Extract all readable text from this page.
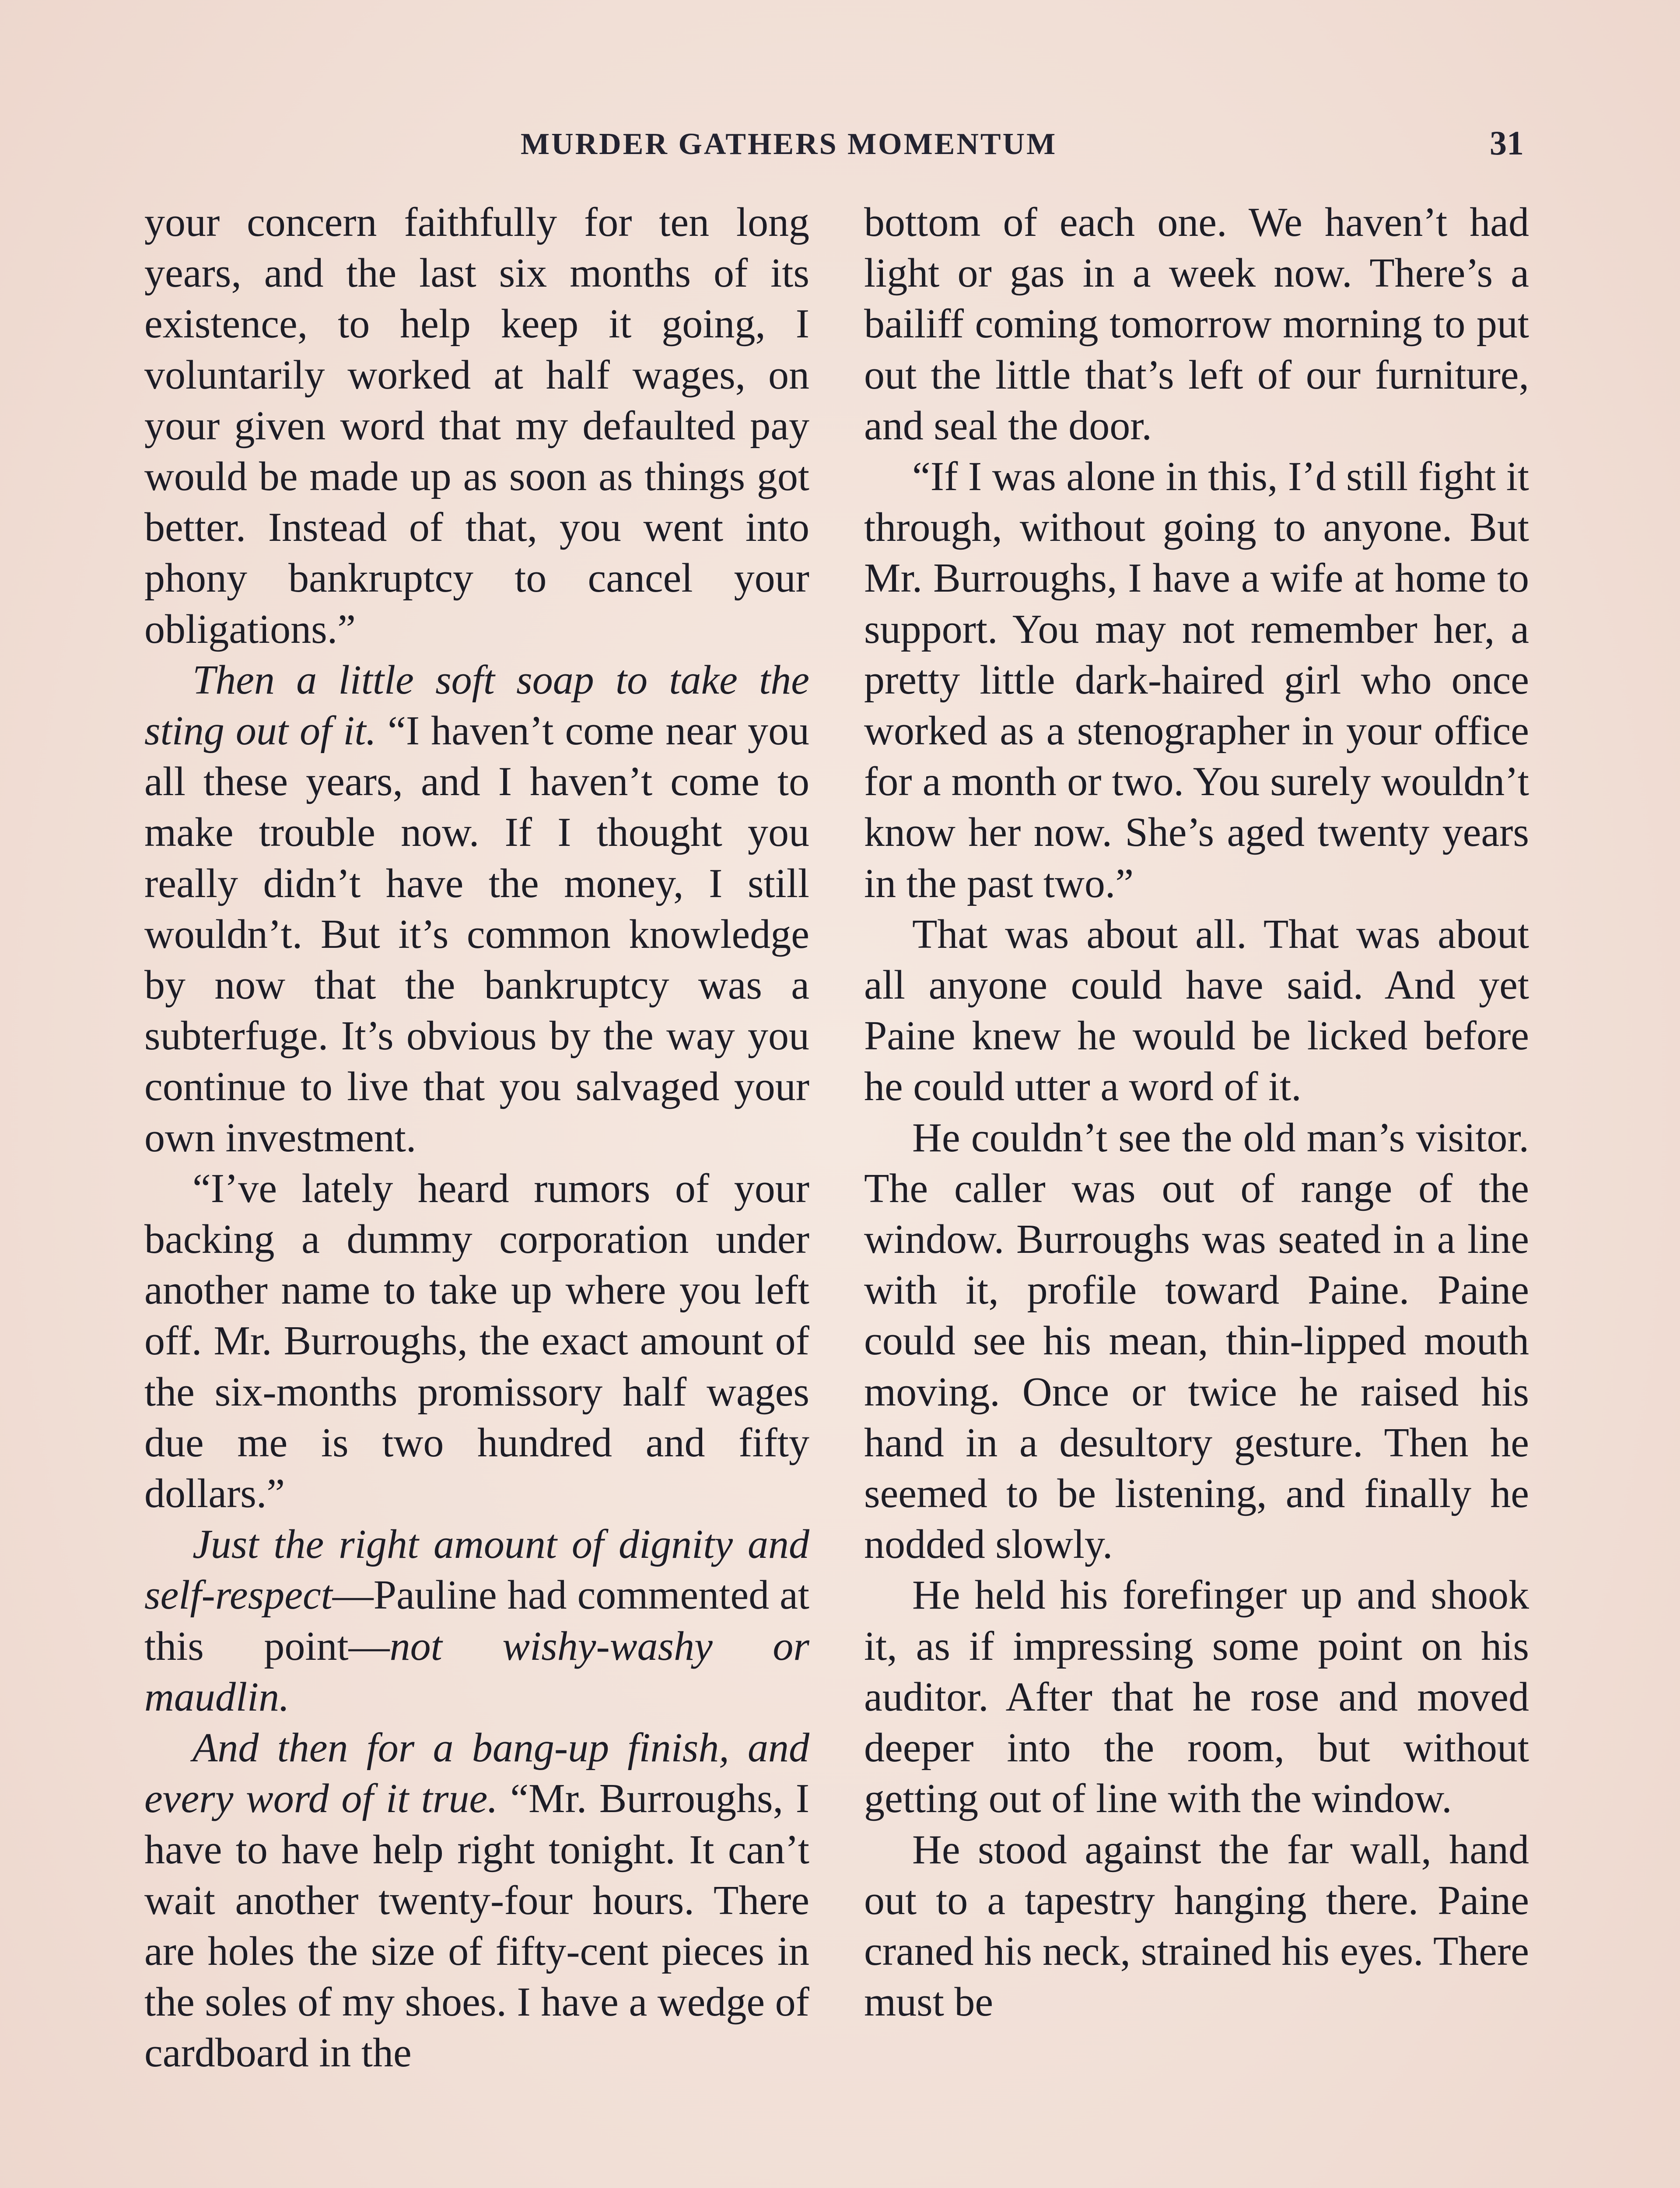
MURDER GATHERS MOMENTUM	31

your concern faithfully for ten long years, and the last six months of its existence, to help keep it going, I voluntarily worked at half wages, on your given word that my defaulted pay would be made up as soon as things got better. Instead of that, you went into phony bankruptcy to cancel your obligations.”

Then a little soft soap to take the sting out of it. “I haven’t come near you all these years, and I haven’t come to make trouble now. If I thought you really didn’t have the money, I still wouldn’t. But it’s common knowledge by now that the bankruptcy was a subterfuge. It’s obvious by the way you continue to live that you salvaged your own investment.

“I’ve lately heard rumors of your backing a dummy corporation under another name to take up where you left off. Mr. Burroughs, the exact amount of the six-months promissory half wages due me is two hundred and fifty dollars.”

Just the right amount of dignity and self-respect—Pauline had commented at this point—not wishy-washy or maudlin.

And then for a bang-up finish, and every word of it true. “Mr. Burroughs, I have to have help right tonight. It can’t wait another twenty-four hours. There are holes the size of fifty-cent pieces in the soles of my shoes. I have a wedge of cardboard in the

bottom of each one. We haven’t had light or gas in a week now. There’s a bailiff coming tomorrow morning to put out the little that’s left of our furniture, and seal the door.

“If I was alone in this, I’d still fight it through, without going to anyone. But Mr. Burroughs, I have a wife at home to support. You may not remember her, a pretty little dark-haired girl who once worked as a stenographer in your office for a month or two. You surely wouldn’t know her now. She’s aged twenty years in the past two.”

That was about all. That was about all anyone could have said. And yet Paine knew he would be licked before he could utter a word of it.

He couldn’t see the old man’s visitor. The caller was out of range of the window. Burroughs was seated in a line with it, profile toward Paine. Paine could see his mean, thin-lipped mouth moving. Once or twice he raised his hand in a desultory gesture. Then he seemed to be listening, and finally he nodded slowly.

He held his forefinger up and shook it, as if impressing some point on his auditor. After that he rose and moved deeper into the room, but without getting out of line with the window.

He stood against the far wall, hand out to a tapestry hanging there. Paine craned his neck, strained his eyes. There must be
